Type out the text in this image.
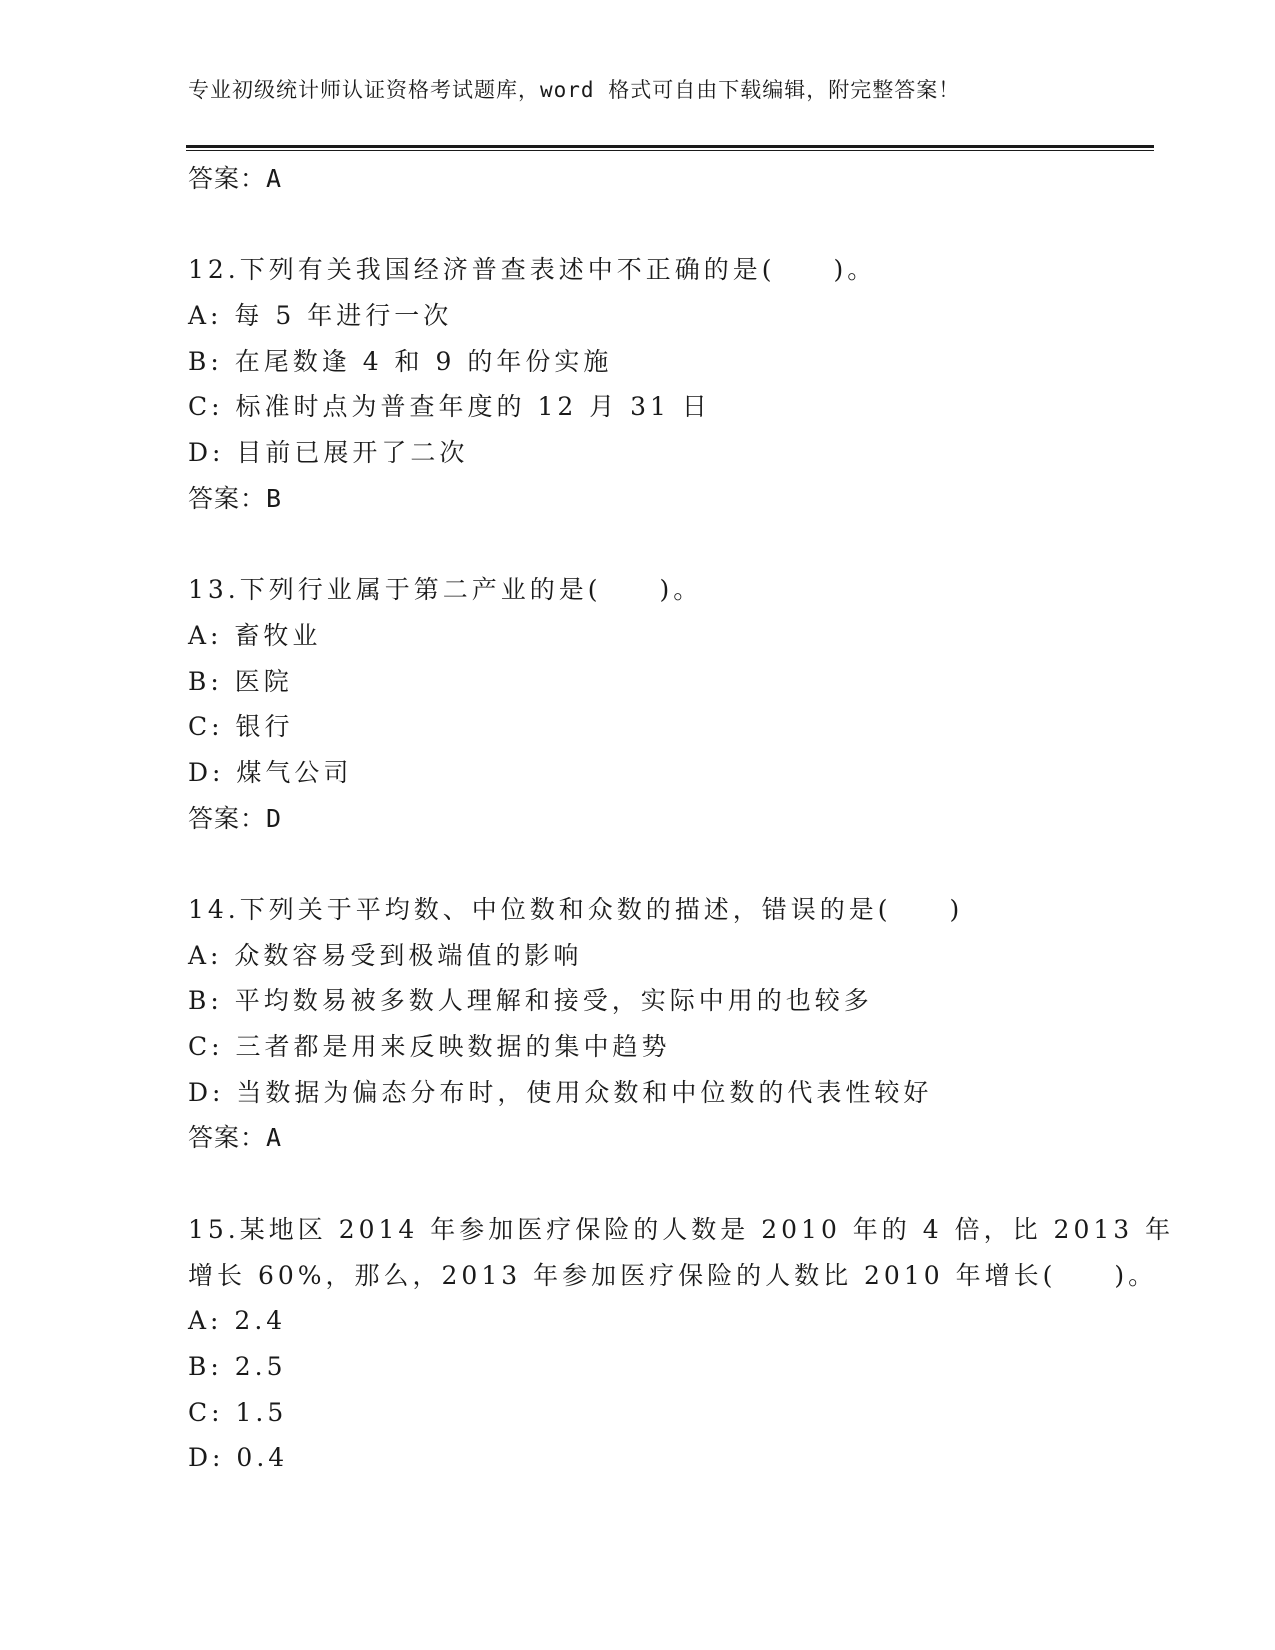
专业初级统计师认证资格考试题库，word 格式可自由下载编辑，附完整答案！
答案：A
12.下列有关我国经济普查表述中不正确的是(　　)。
A: 每 5 年进行一次
B: 在尾数逢 4 和 9 的年份实施
C: 标准时点为普查年度的 12 月 31 日
D: 目前已展开了二次
答案：B
13.下列行业属于第二产业的是(　　)。
A: 畜牧业
B: 医院
C: 银行
D: 煤气公司
答案：D
14.下列关于平均数、中位数和众数的描述，错误的是(　　)
A: 众数容易受到极端值的影响
B: 平均数易被多数人理解和接受，实际中用的也较多
C: 三者都是用来反映数据的集中趋势
D: 当数据为偏态分布时，使用众数和中位数的代表性较好
答案：A
15.某地区 2014 年参加医疗保险的人数是 2010 年的 4 倍，比 2013 年
增长 60%，那么，2013 年参加医疗保险的人数比 2010 年增长(　　)。
A: 2.4
B: 2.5
C: 1.5
D: 0.4
